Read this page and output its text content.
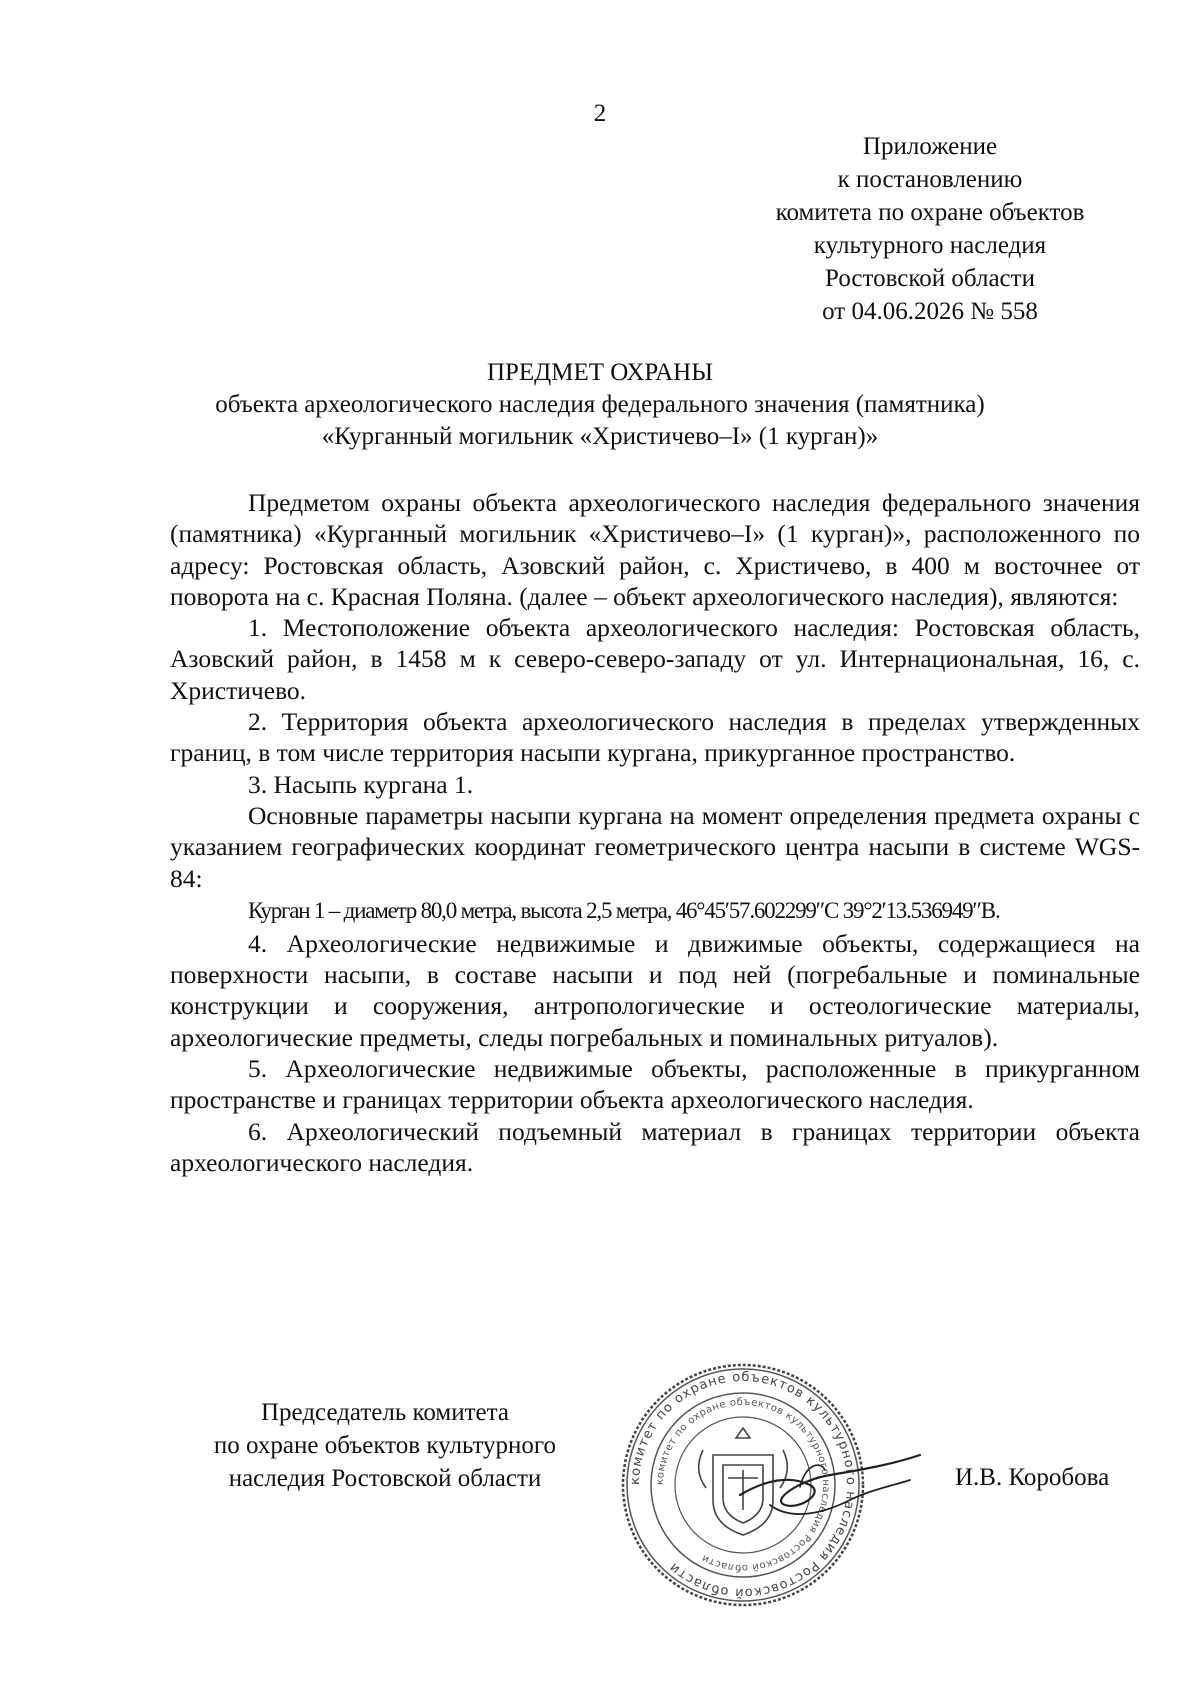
2
Приложение
к постановлению
комитета по охране объектов
культурного наследия
Ростовской области
от 04.06.2026 № 558
ПРЕДМЕТ ОХРАНЫ
объекта археологического наследия федерального значения (памятника)
«Курганный могильник «Христичево–I» (1 курган)»

Предметом охраны объекта археологического наследия федерального значения (памятника) «Курганный могильник «Христичево–I» (1 курган)», расположенного по адресу: Ростовская область, Азовский район, с. Христичево, в 400 м восточнее от поворота на с. Красная Поляна. (далее – объект археологического наследия), являются:

1. Местоположение объекта археологического наследия: Ростовская область, Азовский район, в 1458 м к северо-северо-западу от ул. Интернациональная, 16, с. Христичево.

2. Территория объекта археологического наследия в пределах утвержденных границ, в том числе территория насыпи кургана, прикурганное пространство.

3. Насыпь кургана 1.

Основные параметры насыпи кургана на момент определения предмета охраны с указанием географических координат геометрического центра насыпи в системе WGS-84:

Курган 1 – диаметр 80,0 метра, высота 2,5 метра, 46°45′57.602299″С 39°2′13.536949″В.

4. Археологические недвижимые и движимые объекты, содержащиеся на поверхности насыпи, в составе насыпи и под ней (погребальные и поминальные конструкции и сооружения, антропологические и остеологические материалы, археологические предметы, следы погребальных и поминальных ритуалов).

5. Археологические недвижимые объекты, расположенные в прикурганном пространстве и границах территории объекта археологического наследия.

6. Археологический подъемный материал в границах территории объекта археологического наследия.

Председатель комитета
по охране объектов культурного
наследия Ростовской области	комитет по охране объектов культурного наследия Ростовской области
комитет по охране объектов культурного наследия Ростовской области
И.В. Коробова
